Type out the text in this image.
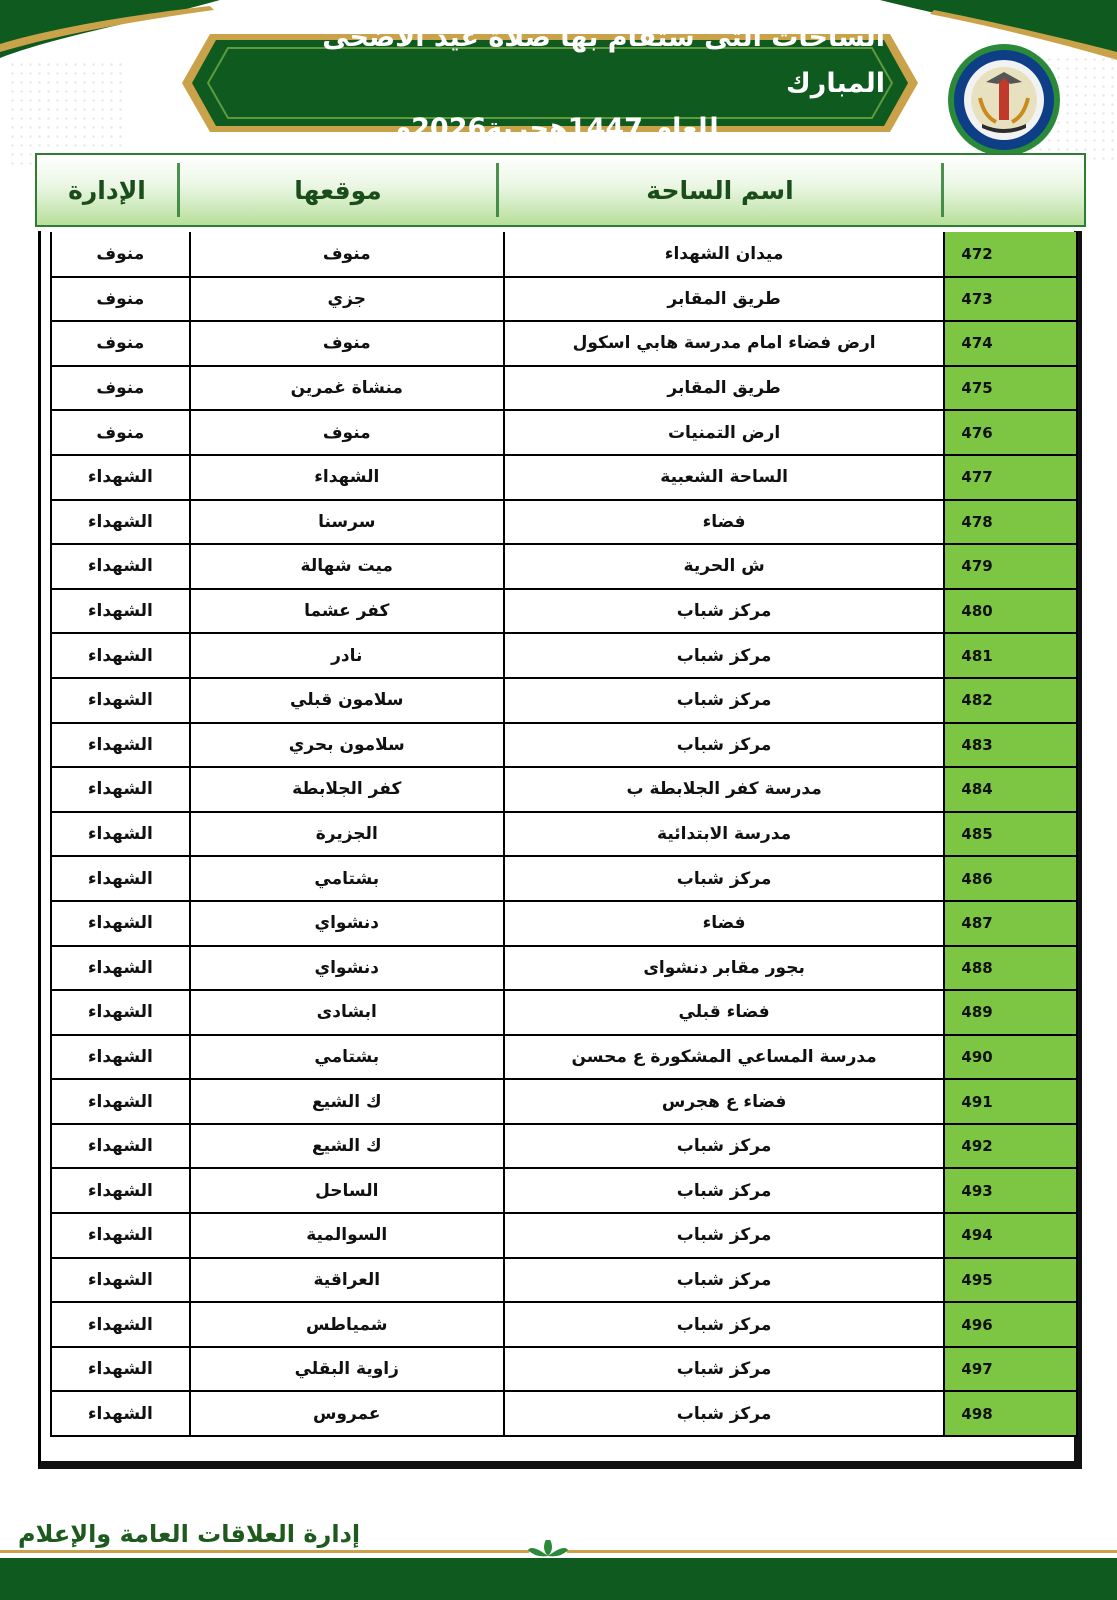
الساحات التى ستقام بها صلاة عيد الأضحى المبارك
للعام 1447هجرية2026م
الإدارة	موقعها	اسم الساحة
منوف	منوف	ميدان الشهداء	472
منوف	جزي	طريق المقابر	473
منوف	منوف	ارض فضاء امام مدرسة هابي اسكول	474
منوف	منشاة غمرين	طريق المقابر	475
منوف	منوف	ارض التمنيات	476
الشهداء	الشهداء	الساحة الشعبية	477
الشهداء	سرسنا	فضاء	478
الشهداء	ميت شهالة	ش الحرية	479
الشهداء	كفر عشما	مركز شباب	480
الشهداء	نادر	مركز شباب	481
الشهداء	سلامون قبلي	مركز شباب	482
الشهداء	سلامون بحري	مركز شباب	483
الشهداء	كفر الجلابطة	مدرسة كفر الجلابطة ب	484
الشهداء	الجزيرة	مدرسة الابتدائية	485
الشهداء	بشتامي	مركز شباب	486
الشهداء	دنشواي	فضاء	487
الشهداء	دنشواي	بجور مقابر دنشواى	488
الشهداء	ابشادى	فضاء قبلي	489
الشهداء	بشتامي	مدرسة المساعي المشكورة ع محسن	490
الشهداء	ك الشيع	فضاء ع هجرس	491
الشهداء	ك الشيع	مركز شباب	492
الشهداء	الساحل	مركز شباب	493
الشهداء	السوالمية	مركز شباب	494
الشهداء	العراقية	مركز شباب	495
الشهداء	شمياطس	مركز شباب	496
الشهداء	زاوية البقلي	مركز شباب	497
الشهداء	عمروس	مركز شباب	498
إدارة العلاقات العامة والإعلام
